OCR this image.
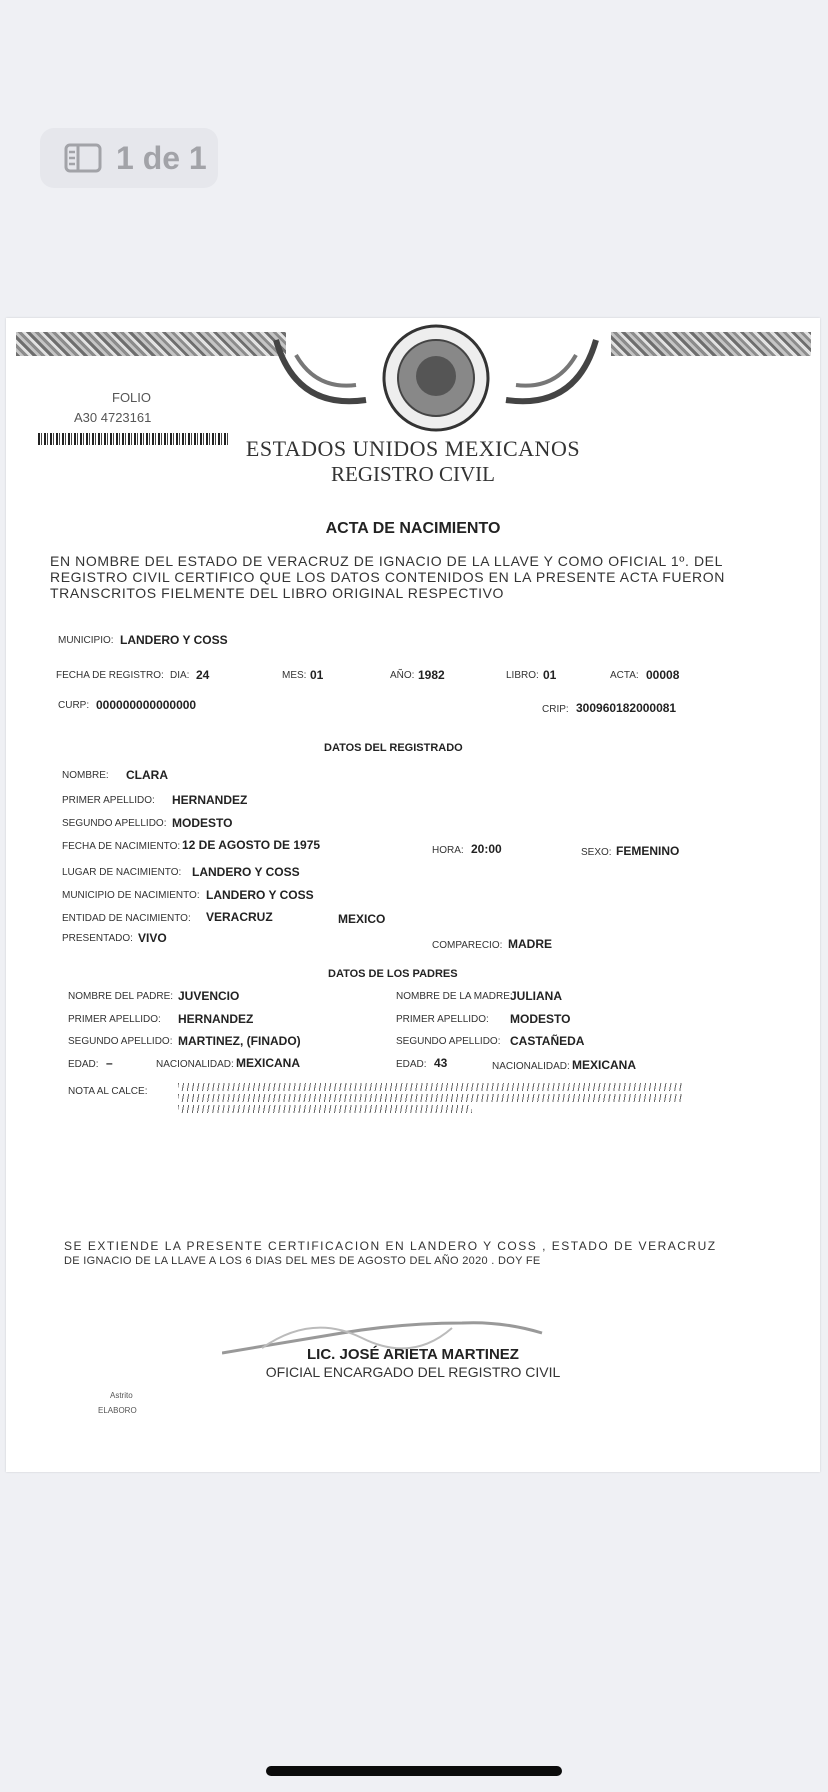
1 de 1
FOLIO
A30 4723161
ESTADOS UNIDOS MEXICANOS
REGISTRO CIVIL
ACTA DE NACIMIENTO
EN NOMBRE DEL ESTADO DE VERACRUZ DE IGNACIO DE LA LLAVE Y COMO OFICIAL 1º. DEL REGISTRO CIVIL CERTIFICO QUE LOS DATOS CONTENIDOS EN LA PRESENTE ACTA FUERON TRANSCRITOS FIELMENTE DEL LIBRO ORIGINAL RESPECTIVO
MUNICIPIO: LANDERO Y COSS
FECHA DE REGISTRO: DIA: 24	MES: 01	AÑO: 1982	LIBRO: 01	ACTA: 00008
CURP: 000000000000000	CRIP: 300960182000081
DATOS DEL REGISTRADO
NOMBRE: CLARA
PRIMER APELLIDO: HERNANDEZ
SEGUNDO APELLIDO: MODESTO
FECHA DE NACIMIENTO: 12 DE AGOSTO DE 1975	HORA: 20:00	SEXO: FEMENINO
LUGAR DE NACIMIENTO: LANDERO Y COSS
MUNICIPIO DE NACIMIENTO: LANDERO Y COSS
ENTIDAD DE NACIMIENTO: VERACRUZ	MEXICO
PRESENTADO: VIVO
COMPARECIO: MADRE
DATOS DE LOS PADRES
NOMBRE DEL PADRE: JUVENCIO
PRIMER APELLIDO: HERNANDEZ
SEGUNDO APELLIDO: MARTINEZ, (FINADO)
EDAD: –	NACIONALIDAD: MEXICANA
NOMBRE DE LA MADRE:
JULIANA
PRIMER APELLIDO: MODESTO
SEGUNDO APELLIDO: CASTAÑEDA
EDAD: 43	NACIONALIDAD: MEXICANA
NOTA AL CALCE:
SE EXTIENDE LA PRESENTE CERTIFICACION EN LANDERO Y COSS , ESTADO DE VERACRUZ
DE IGNACIO DE LA LLAVE A LOS 6 DIAS DEL MES DE AGOSTO DEL AÑO 2020 . DOY FE
LIC. JOSÉ ARIETA MARTINEZ
OFICIAL ENCARGADO DEL REGISTRO CIVIL
Astrito
ELABORO
